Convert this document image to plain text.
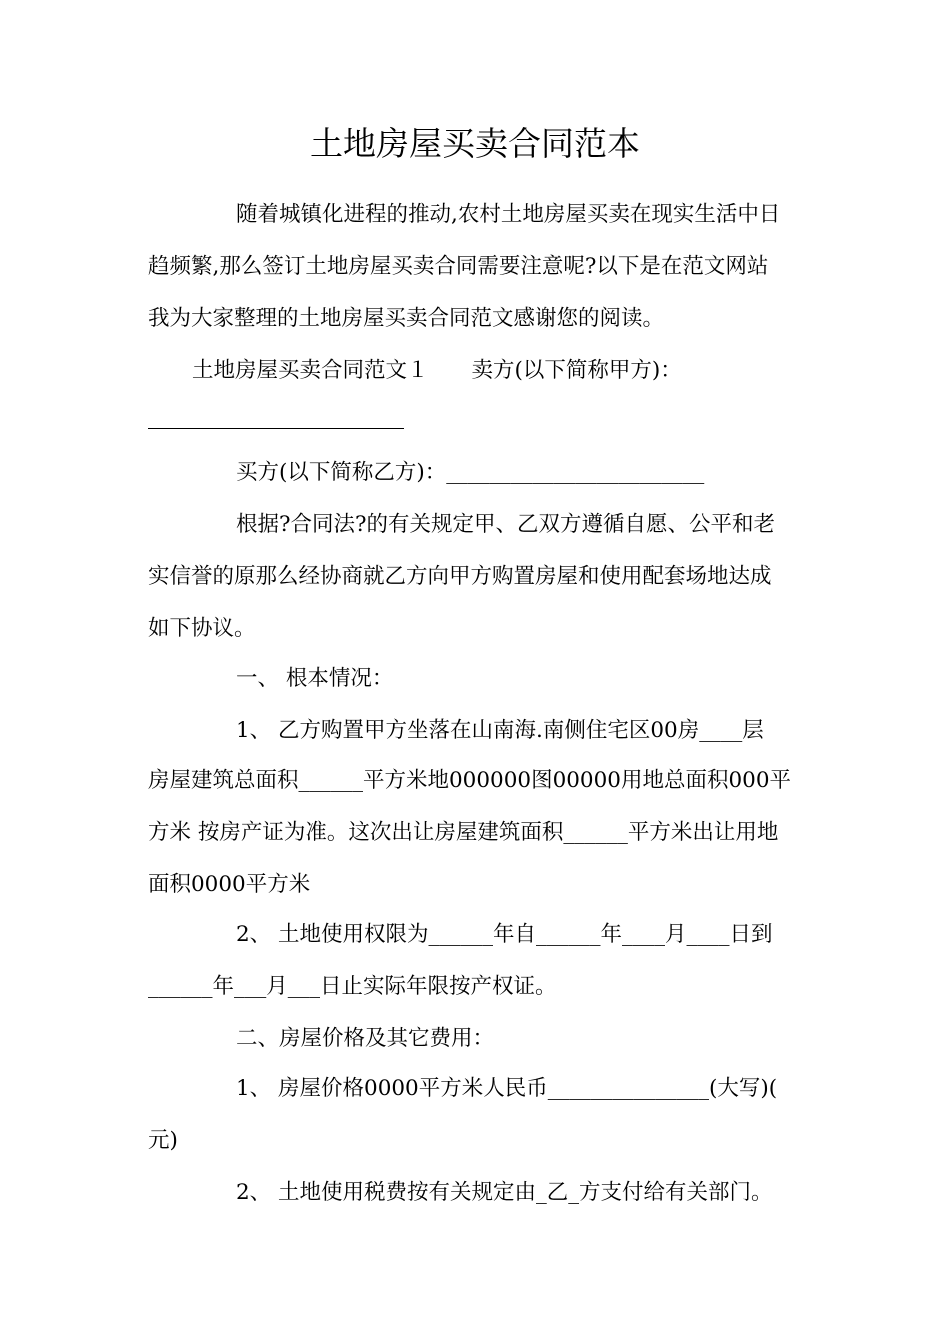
土地房屋买卖合同范本
随着城镇化进程的推动,农村土地房屋买卖在现实生活中日
趋频繁,那么签订土地房屋买卖合同需要注意呢?以下是在范文网站
我为大家整理的土地房屋买卖合同范文感谢您的阅读。
土地房屋买卖合同范文１　　卖方(以下简称甲方)：
买方(以下简称乙方)：________________________
根据?合同法?的有关规定甲、乙双方遵循自愿、公平和老
实信誉的原那么经协商就乙方向甲方购置房屋和使用配套场地达成
如下协议。
一、 根本情况：
1、 乙方购置甲方坐落在山南海.南侧住宅区00房____层
房屋建筑总面积______平方米地000000图00000用地总面积000平
方米 按房产证为准。这次出让房屋建筑面积______平方米出让用地
面积0000平方米
2、 土地使用权限为______年自______年____月____日到
______年___月___日止实际年限按产权证。
二、房屋价格及其它费用：
1、 房屋价格0000平方米人民币_______________(大写)(
元)
2、 土地使用税费按有关规定由_乙_方支付给有关部门。
